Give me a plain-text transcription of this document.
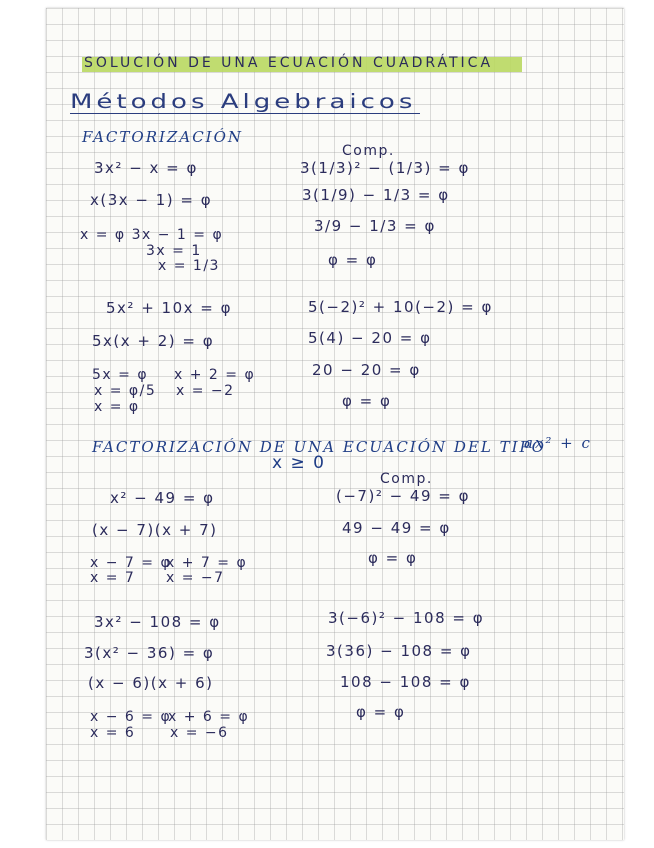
SOLUCIÓN DE UNA ECUACIÓN CUADRÁTICA
Métodos Algebraicos
FACTORIZACIÓN
Comp.
3x² − x = φ
x(3x − 1) = φ
x = φ 3x − 1 = φ
3x = 1
x = 1/3
3(1/3)² − (1/3) = φ
3(1/9) − 1/3 = φ
3/9 − 1/3 = φ
φ = φ
5x² + 10x = φ
5x(x + 2) = φ
5x = φ x + 2 = φ
x = φ/5 x = −2
x = φ
5(−2)² + 10(−2) = φ
5(4) − 20 = φ
20 − 20 = φ
φ = φ
FACTORIZACIÓN DE UNA ECUACIÓN DEL TIPO
ax² + c
x ≥ 0
Comp.
x² − 49 = φ
(x − 7)(x + 7)
x − 7 = φ
x + 7 = φ
x = 7 x = −7
(−7)² − 49 = φ
49 − 49 = φ
φ = φ
3x² − 108 = φ
3(x² − 36) = φ
(x − 6)(x + 6)
x − 6 = φ
x + 6 = φ
x = 6 x = −6
3(−6)² − 108 = φ
3(36) − 108 = φ
108 − 108 = φ
φ = φ
